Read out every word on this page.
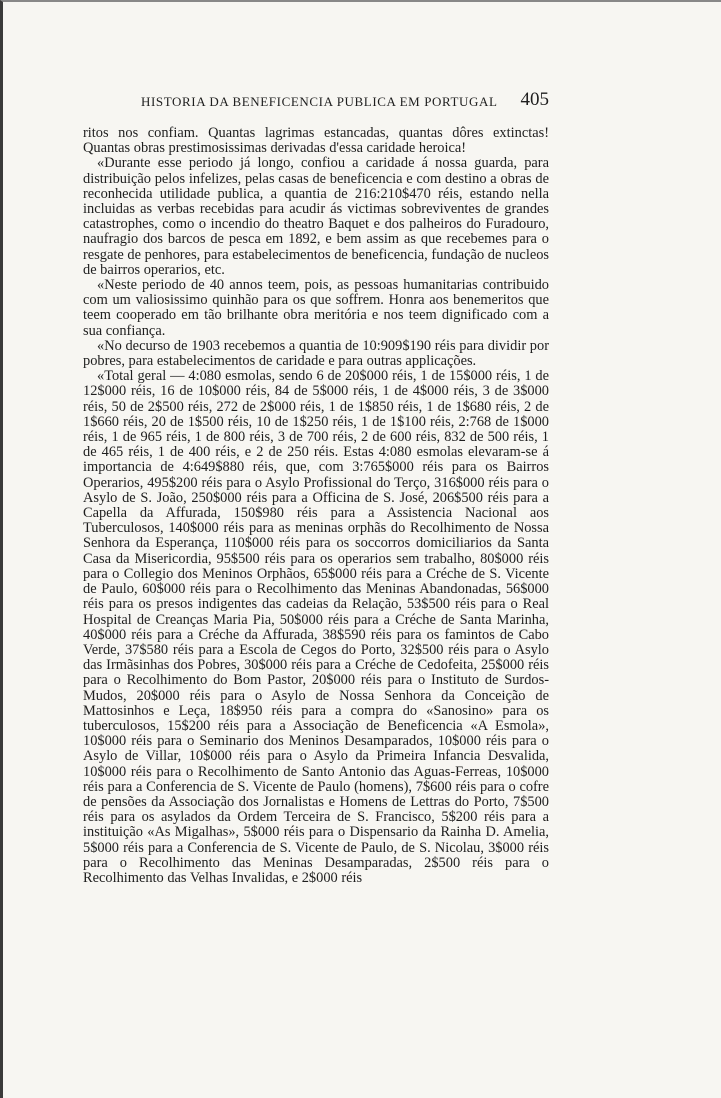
HISTORIA DA BENEFICENCIA PUBLICA EM PORTUGAL 405

ritos nos confiam. Quantas lagrimas estancadas, quantas dôres extinctas! Quantas obras prestimosissimas derivadas d'essa caridade heroica!

«Durante esse periodo já longo, confiou a caridade á nossa guarda, para distribuição pelos infelizes, pelas casas de beneficencia e com destino a obras de reconhecida utilidade publica, a quantia de 216:210$470 réis, estando nella incluidas as verbas recebidas para acudir ás victimas sobreviventes de grandes catastrophes, como o incendio do theatro Baquet e dos palheiros do Furadouro, naufragio dos barcos de pesca em 1892, e bem assim as que recebemes para o resgate de penhores, para estabelecimentos de beneficencia, fundação de nucleos de bairros operarios, etc.

«Neste periodo de 40 annos teem, pois, as pessoas humanitarias contribuido com um valiosissimo quinhão para os que soffrem. Honra aos benemeritos que teem cooperado em tão brilhante obra meritória e nos teem dignificado com a sua confiança.

«No decurso de 1903 recebemos a quantia de 10:909$190 réis para dividir por pobres, para estabelecimentos de caridade e para outras applicações.

«Total geral — 4:080 esmolas, sendo 6 de 20$000 réis, 1 de 15$000 réis, 1 de 12$000 réis, 16 de 10$000 réis, 84 de 5$000 réis, 1 de 4$000 réis, 3 de 3$000 réis, 50 de 2$500 réis, 272 de 2$000 réis, 1 de 1$850 réis, 1 de 1$680 réis, 2 de 1$660 réis, 20 de 1$500 réis, 10 de 1$250 réis, 1 de 1$100 réis, 2:768 de 1$000 réis, 1 de 965 réis, 1 de 800 réis, 3 de 700 réis, 2 de 600 réis, 832 de 500 réis, 1 de 465 réis, 1 de 400 réis, e 2 de 250 réis. Estas 4:080 esmolas elevaram-se á importancia de 4:649$880 réis, que, com 3:765$000 réis para os Bairros Operarios, 495$200 réis para o Asylo Profissional do Terço, 316$000 réis para o Asylo de S. João, 250$000 réis para a Officina de S. José, 206$500 réis para a Capella da Affurada, 150$980 réis para a Assistencia Nacional aos Tuberculosos, 140$000 réis para as meninas orphãs do Recolhimento de Nossa Senhora da Esperança, 110$000 réis para os soccorros domiciliarios da Santa Casa da Misericordia, 95$500 réis para os operarios sem trabalho, 80$000 réis para o Collegio dos Meninos Orphãos, 65$000 réis para a Créche de S. Vicente de Paulo, 60$000 réis para o Recolhimento das Meninas Abandonadas, 56$000 réis para os presos indigentes das cadeias da Relação, 53$500 réis para o Real Hospital de Creanças Maria Pia, 50$000 réis para a Créche de Santa Marinha, 40$000 réis para a Créche da Affurada, 38$590 réis para os famintos de Cabo Verde, 37$580 réis para a Escola de Cegos do Porto, 32$500 réis para o Asylo das Irmãsinhas dos Pobres, 30$000 réis para a Créche de Cedofeita, 25$000 réis para o Recolhimento do Bom Pastor, 20$000 réis para o Instituto de Surdos-Mudos, 20$000 réis para o Asylo de Nossa Senhora da Conceição de Mattosinhos e Leça, 18$950 réis para a compra do «Sanosino» para os tuberculosos, 15$200 réis para a Associação de Beneficencia «A Esmola», 10$000 réis para o Seminario dos Meninos Desamparados, 10$000 réis para o Asylo de Villar, 10$000 réis para o Asylo da Primeira Infancia Desvalida, 10$000 réis para o Recolhimento de Santo Antonio das Aguas-Ferreas, 10$000 réis para a Conferencia de S. Vicente de Paulo (homens), 7$600 réis para o cofre de pensões da Associação dos Jornalistas e Homens de Lettras do Porto, 7$500 réis para os asylados da Ordem Terceira de S. Francisco, 5$200 réis para a instituição «As Migalhas», 5$000 réis para o Dispensario da Rainha D. Amelia, 5$000 réis para a Conferencia de S. Vicente de Paulo, de S. Nicolau, 3$000 réis para o Recolhimento das Meninas Desamparadas, 2$500 réis para o Recolhimento das Velhas Invalidas, e 2$000 réis
